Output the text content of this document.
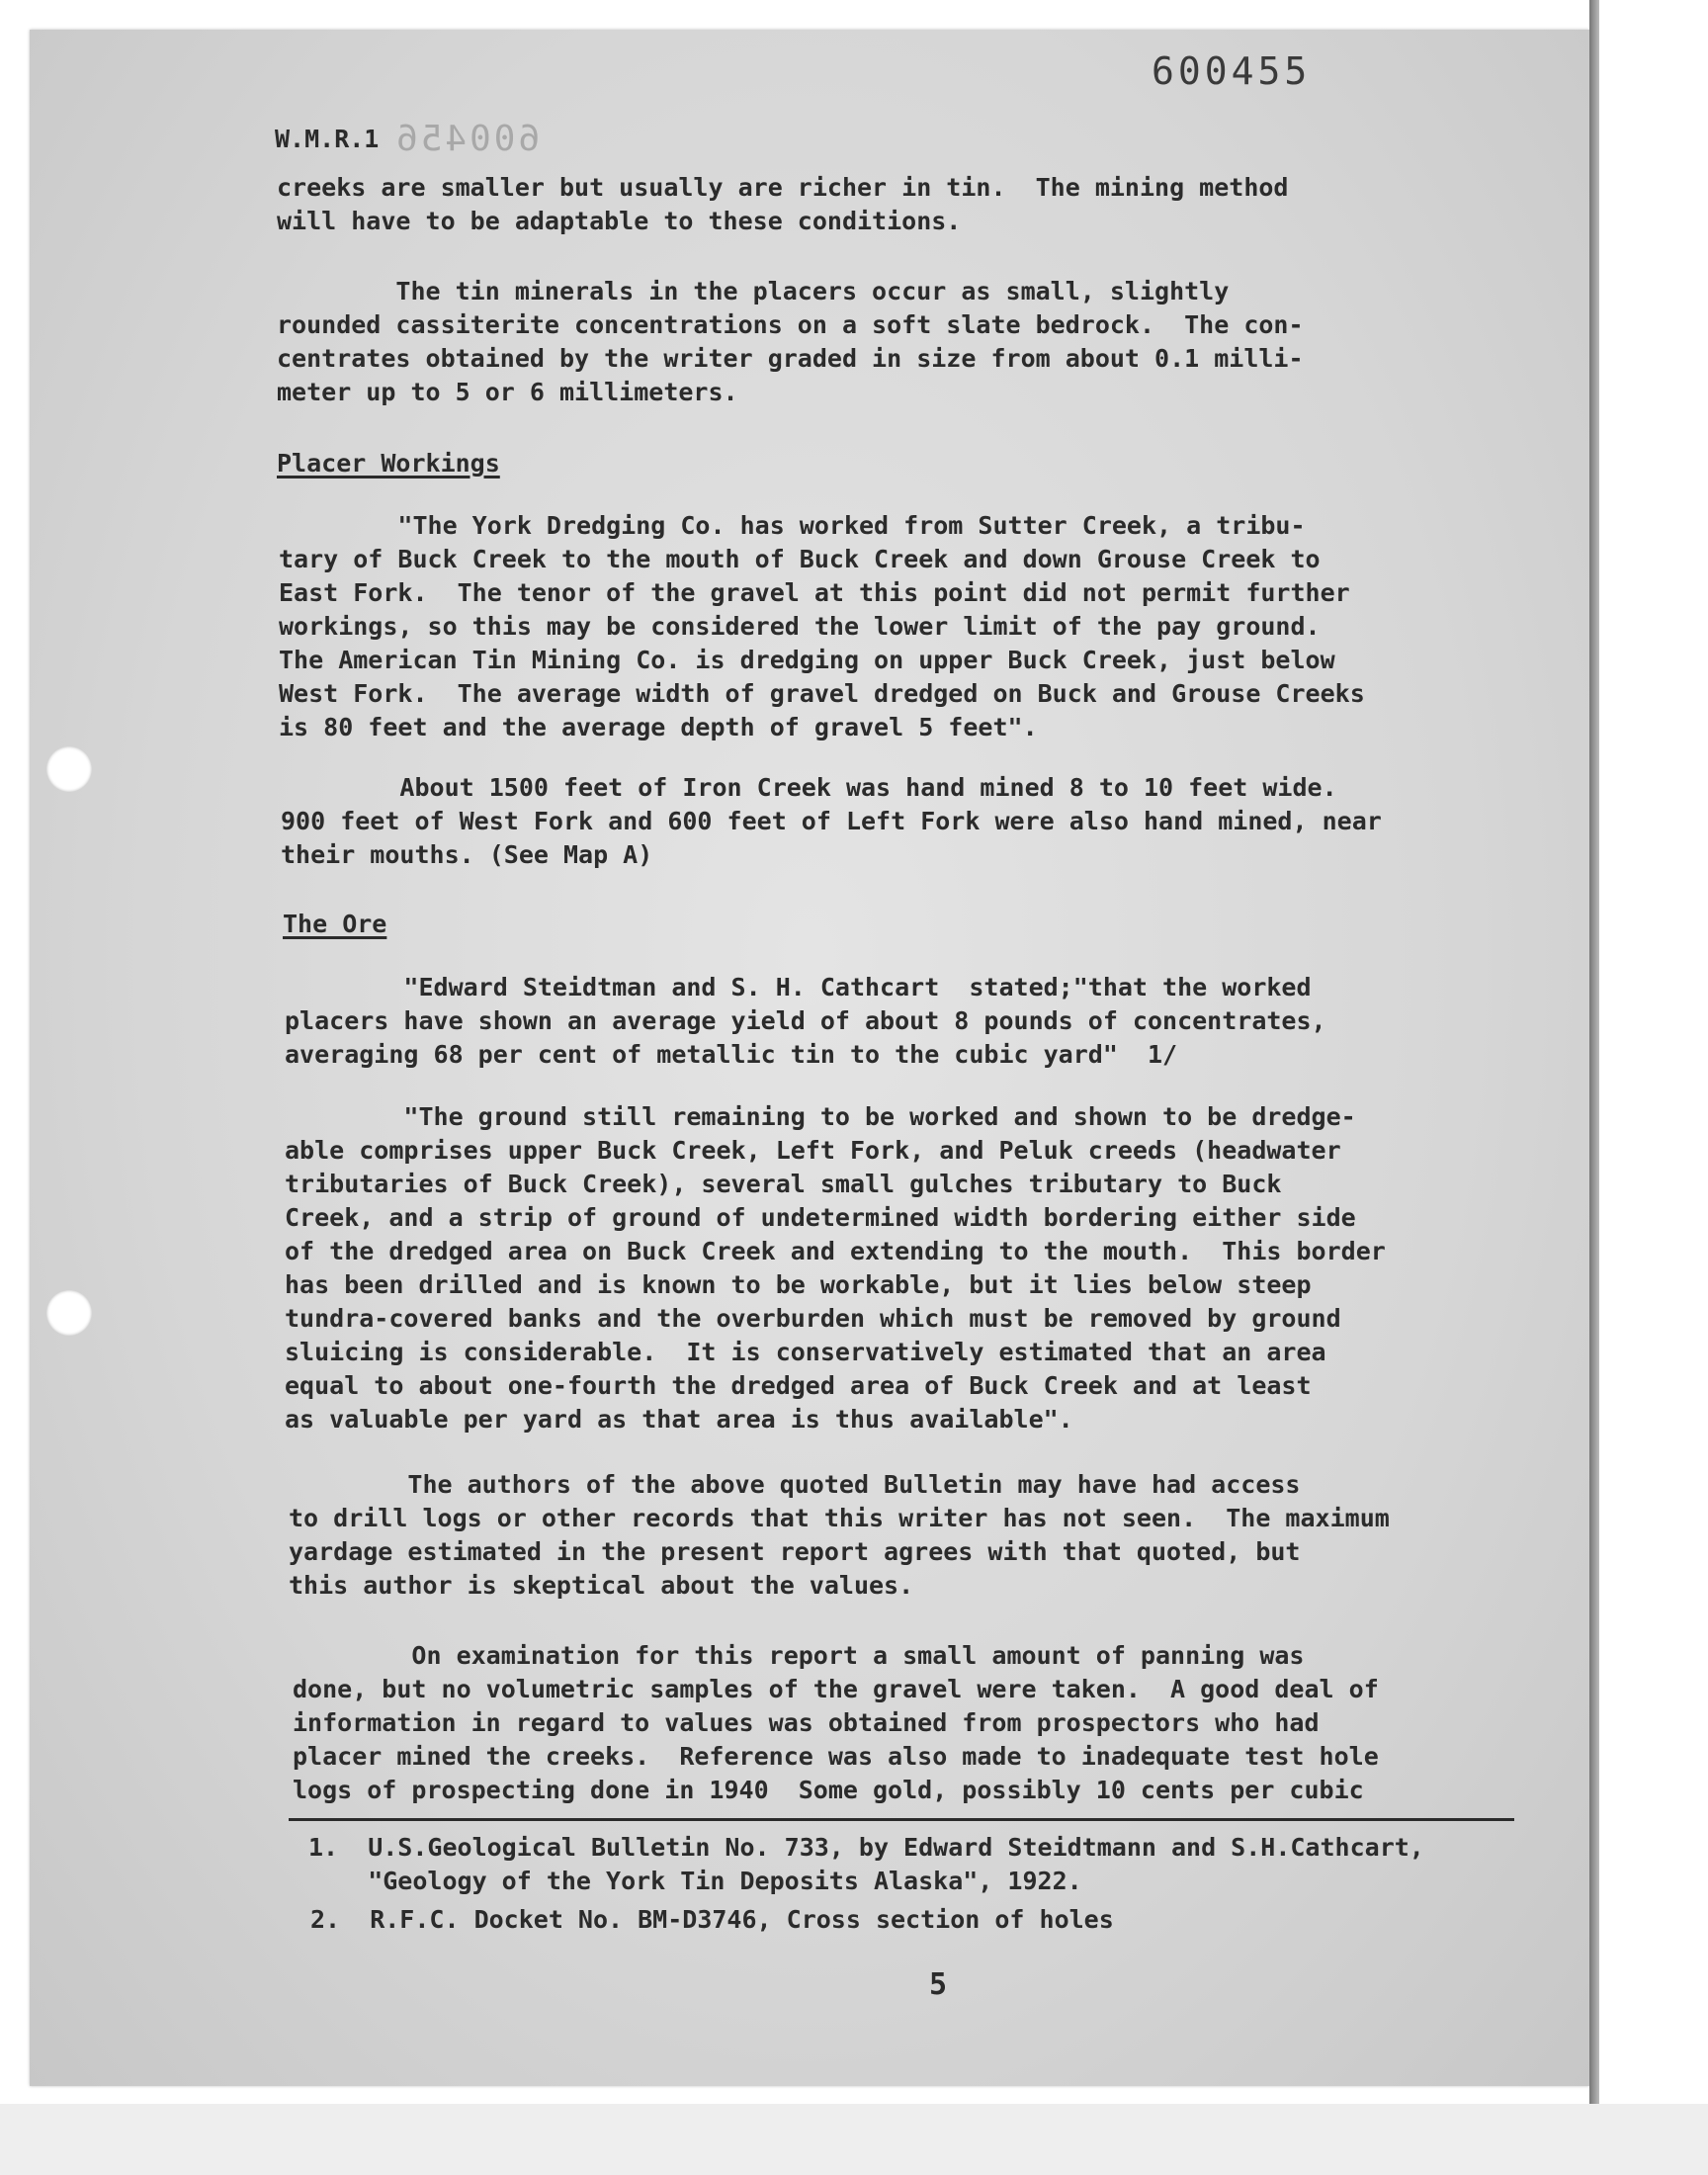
600455
600456
W.M.R.1
creeks are smaller but usually are richer in tin.  The mining method
will have to be adaptable to these conditions.
The tin minerals in the placers occur as small, slightly
rounded cassiterite concentrations on a soft slate bedrock.  The con-
centrates obtained by the writer graded in size from about 0.1 milli-
meter up to 5 or 6 millimeters.
Placer Workings
"The York Dredging Co. has worked from Sutter Creek, a tribu-
tary of Buck Creek to the mouth of Buck Creek and down Grouse Creek to
East Fork.  The tenor of the gravel at this point did not permit further
workings, so this may be considered the lower limit of the pay ground.
The American Tin Mining Co. is dredging on upper Buck Creek, just below
West Fork.  The average width of gravel dredged on Buck and Grouse Creeks
is 80 feet and the average depth of gravel 5 feet".
About 1500 feet of Iron Creek was hand mined 8 to 10 feet wide.
900 feet of West Fork and 600 feet of Left Fork were also hand mined, near
their mouths. (See Map A)
The Ore
"Edward Steidtman and S. H. Cathcart  stated;"that the worked
placers have shown an average yield of about 8 pounds of concentrates,
averaging 68 per cent of metallic tin to the cubic yard"  1/
"The ground still remaining to be worked and shown to be dredge-
able comprises upper Buck Creek, Left Fork, and Peluk creeds (headwater
tributaries of Buck Creek), several small gulches tributary to Buck
Creek, and a strip of ground of undetermined width bordering either side
of the dredged area on Buck Creek and extending to the mouth.  This border
has been drilled and is known to be workable, but it lies below steep
tundra-covered banks and the overburden which must be removed by ground
sluicing is considerable.  It is conservatively estimated that an area
equal to about one-fourth the dredged area of Buck Creek and at least
as valuable per yard as that area is thus available".
The authors of the above quoted Bulletin may have had access
to drill logs or other records that this writer has not seen.  The maximum
yardage estimated in the present report agrees with that quoted, but
this author is skeptical about the values.
On examination for this report a small amount of panning was
done, but no volumetric samples of the gravel were taken.  A good deal of
information in regard to values was obtained from prospectors who had
placer mined the creeks.  Reference was also made to inadequate test hole
logs of prospecting done in 1940  Some gold, possibly 10 cents per cubic
1.  U.S.Geological Bulletin No. 733, by Edward Steidtmann and S.H.Cathcart,
"Geology of the York Tin Deposits Alaska", 1922.
2.  R.F.C. Docket No. BM-D3746, Cross section of holes
5
